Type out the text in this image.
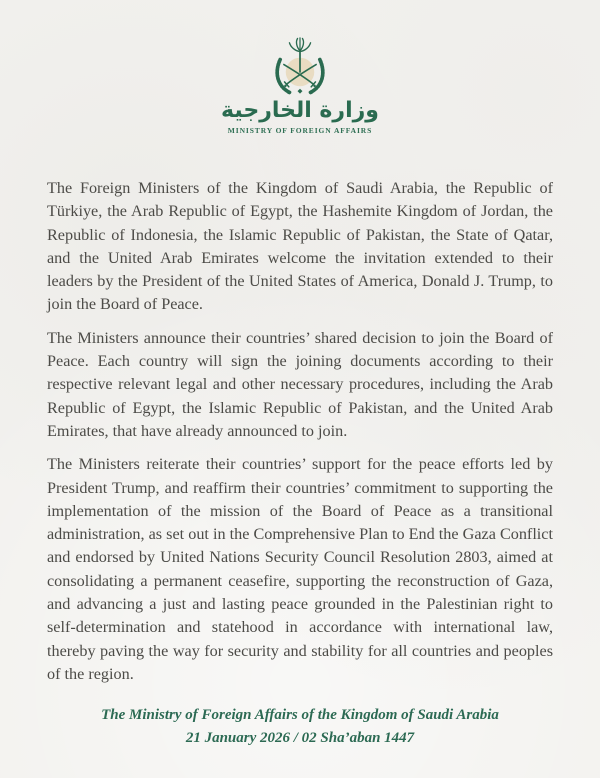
وزارة الخارجية
MINISTRY OF FOREIGN AFFAIRS

The Foreign Ministers of the Kingdom of Saudi Arabia, the Republic of Türkiye, the Arab Republic of Egypt, the Hashemite Kingdom of Jordan, the Republic of Indonesia, the Islamic Republic of Pakistan, the State of Qatar, and the United Arab Emirates welcome the invitation extended to their leaders by the President of the United States of America, Donald J. Trump, to join the Board of Peace.

The Ministers announce their countries’ shared decision to join the Board of Peace. Each country will sign the joining documents according to their respective relevant legal and other necessary procedures, including the Arab Republic of Egypt, the Islamic Republic of Pakistan, and the United Arab Emirates, that have already announced to join.

The Ministers reiterate their countries’ support for the peace efforts led by President Trump, and reaffirm their countries’ commitment to supporting the implementation of the mission of the Board of Peace as a transitional administration, as set out in the Comprehensive Plan to End the Gaza Conflict and endorsed by United Nations Security Council Resolution 2803, aimed at consolidating a permanent ceasefire, supporting the reconstruction of Gaza, and advancing a just and lasting peace grounded in the Palestinian right to self-determination and statehood in accordance with international law, thereby paving the way for security and stability for all countries and peoples of the region.

The Ministry of Foreign Affairs of the Kingdom of Saudi Arabia
21 January 2026 / 02 Sha’aban 1447
